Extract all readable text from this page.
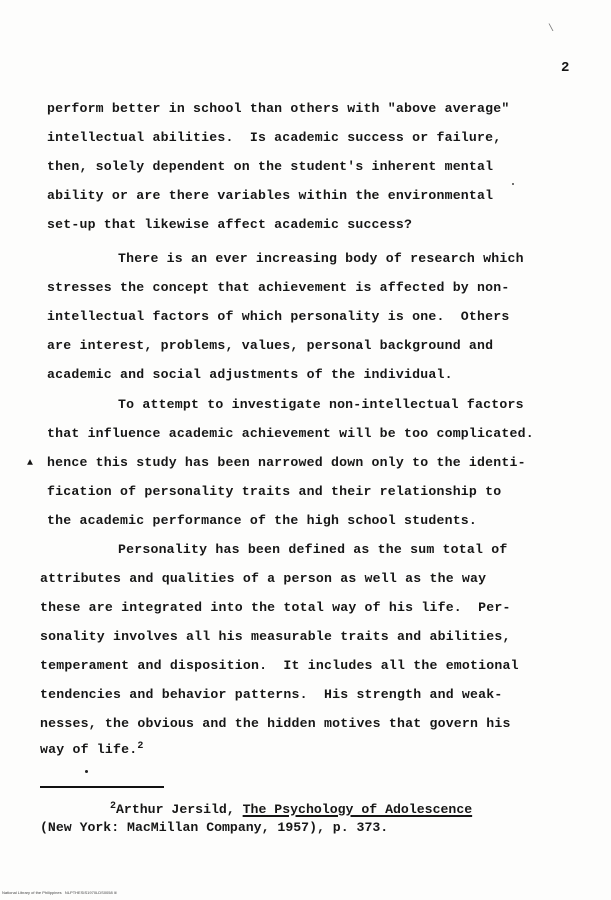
\
2
perform better in school than others with "above average"
intellectual abilities.  Is academic success or failure,
then, solely dependent on the student's inherent mental
ability or are there variables within the environmental
set-up that likewise affect academic success?
There is an ever increasing body of research which
stresses the concept that achievement is affected by non-
intellectual factors of which personality is one.  Others
are interest, problems, values, personal background and
academic and social adjustments of the individual.
To attempt to investigate non-intellectual factors
that influence academic achievement will be too complicated.
▲ hence this study has been narrowed down only to the identi-
fication of personality traits and their relationship to
the academic performance of the high school students.
Personality has been defined as the sum total of
attributes and qualities of a person as well as the way
these are integrated into the total way of his life.  Per-
sonality involves all his measurable traits and abilities,
temperament and disposition.  It includes all the emotional
tendencies and behavior patterns.  His strength and weak-
nesses, the obvious and the hidden motives that govern his
way of life.$^2$
$^2$Arthur Jersild, The Psychology of Adolescence
(New York: MacMillan Company, 1957), p. 373.
National Library of the Philippines   NLPTHESIS1970LDS0058 lil
